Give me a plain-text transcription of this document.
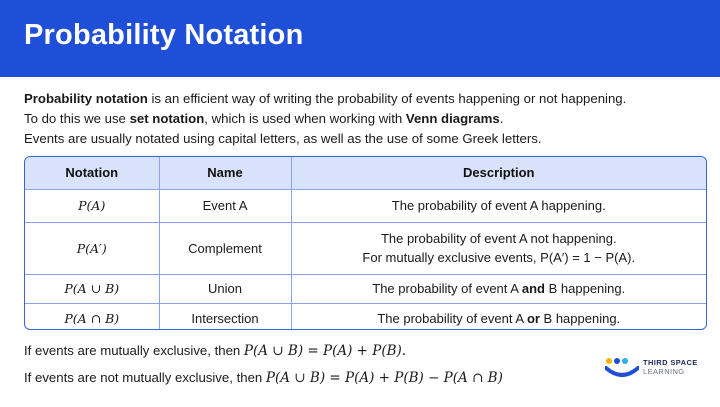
Probability Notation

Probability notation is an efficient way of writing the probability of events happening or not happening.

To do this we use set notation, which is used when working with Venn diagrams.

Events are usually notated using capital letters, as well as the use of some Greek letters.

Notation	Name	Description
P(A)	Event A	The probability of event A happening.
P(A′)	Complement	The probability of event A not happening.
For mutually exclusive events, P(A′) = 1 − P(A).

P(A ∪ B)	Union	The probability of event A and B happening.
P(A ∩ B)	Intersection	The probability of event A or B happening.
If events are mutually exclusive, then P(A ∪ B) = P(A) + P(B).
If events are not mutually exclusive, then P(A ∪ B) = P(A) + P(B) − P(A ∩ B)
THIRD SPACE
LEARNING
